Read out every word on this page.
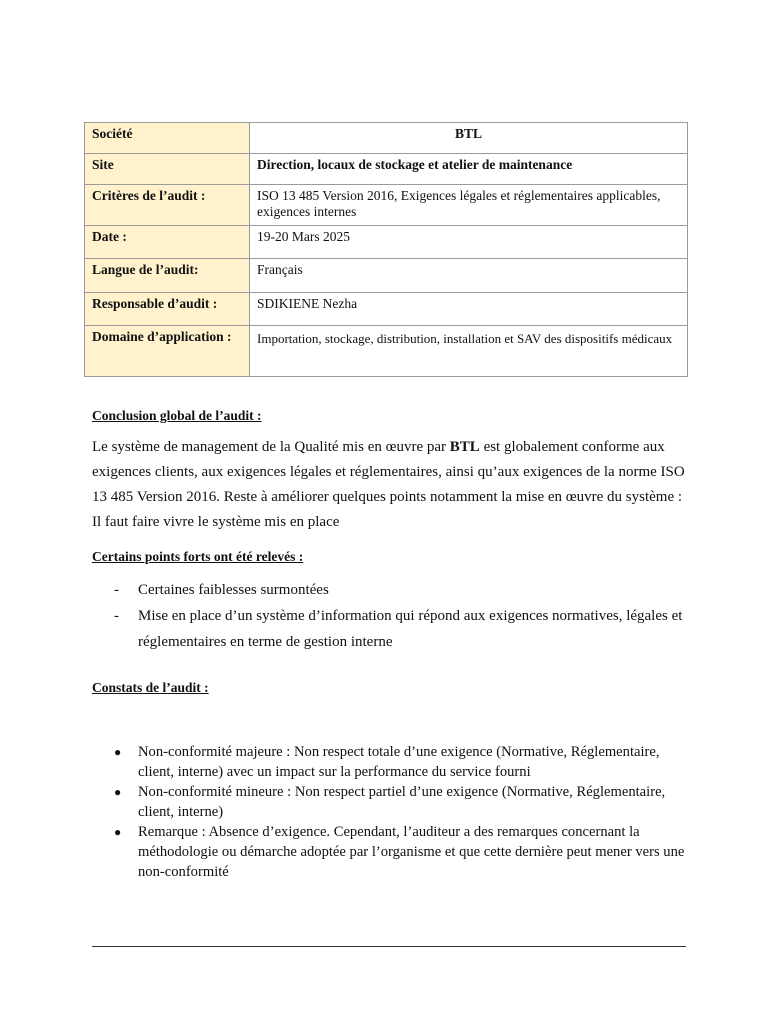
Société	BTL
Site	Direction, locaux de stockage et atelier de maintenance
Critères de l’audit :	ISO 13 485 Version 2016, Exigences légales et réglementaires applicables, exigences internes
Date :	19-20 Mars 2025
Langue de l’audit:	Français
Responsable d’audit :	SDIKIENE Nezha
Domaine d’application :	Importation, stockage, distribution, installation et SAV des dispositifs médicaux

Conclusion global de l’audit :

Le système de management de la Qualité mis en œuvre par BTL est globalement conforme aux exigences clients, aux exigences légales et réglementaires, ainsi qu’aux exigences de la norme ISO 13 485 Version 2016. Reste à améliorer quelques points notamment la mise en œuvre du système : Il faut faire vivre le système mis en place

Certains points forts ont été relevés :

- Certaines faiblesses surmontées
- Mise en place d’un système d’information qui répond aux exigences normatives, légales et réglementaires en terme de gestion interne

Constats de l’audit :

● Non-conformité majeure : Non respect totale d’une exigence (Normative, Réglementaire, client, interne) avec un impact sur la performance du service fourni
● Non-conformité mineure : Non respect partiel d’une exigence (Normative, Réglementaire, client, interne)
● Remarque : Absence d’exigence. Cependant, l’auditeur a des remarques concernant la méthodologie ou démarche adoptée par l’organisme et que cette dernière peut mener vers une non-conformité
